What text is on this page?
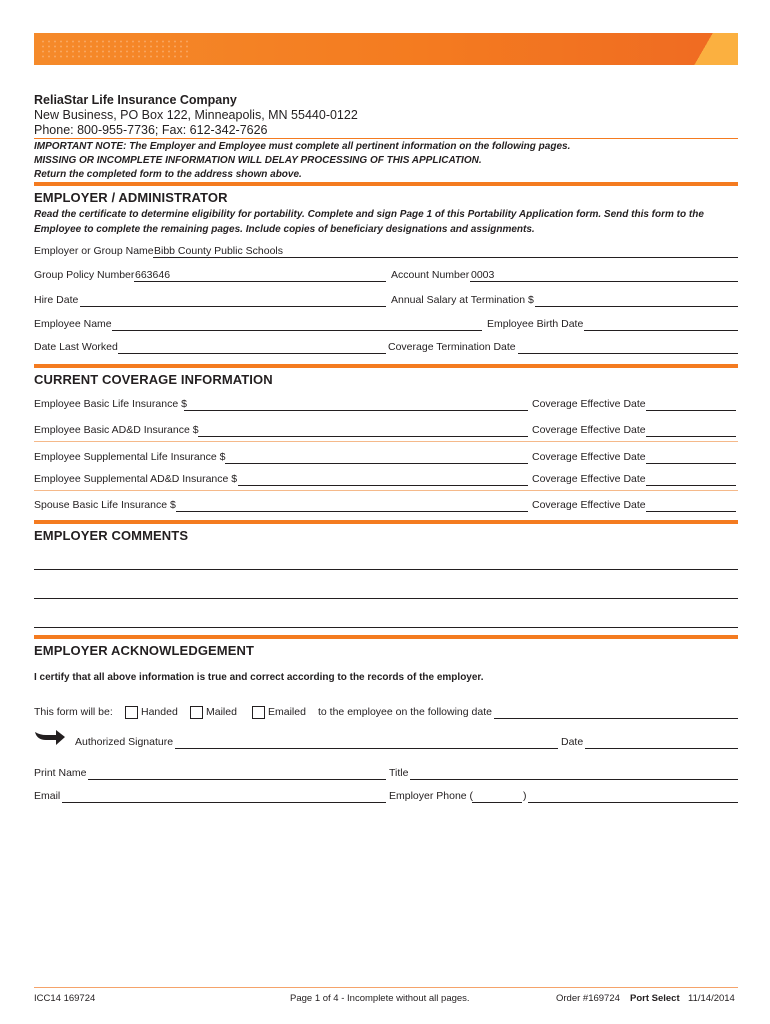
ReliaStar Life Insurance Company
New Business, PO Box 122, Minneapolis, MN 55440-0122
Phone: 800-955-7736; Fax: 612-342-7626
IMPORTANT NOTE: The Employer and Employee must complete all pertinent information on the following pages.
MISSING OR INCOMPLETE INFORMATION WILL DELAY PROCESSING OF THIS APPLICATION.
Return the completed form to the address shown above.
EMPLOYER / ADMINISTRATOR
Read the certificate to determine eligibility for portability. Complete and sign Page 1 of this Portability Application form. Send this form to the Employee to complete the remaining pages. Include copies of beneficiary designations and assignments.
Employer or Group Name Bibb County Public Schools
Group Policy Number 663646	Account Number 0003
Hire Date	Annual Salary at Termination $
Employee Name	Employee Birth Date
Date Last Worked	Coverage Termination Date
CURRENT COVERAGE INFORMATION
Employee Basic Life Insurance $	Coverage Effective Date
Employee Basic AD&D Insurance $	Coverage Effective Date
Employee Supplemental Life Insurance $	Coverage Effective Date
Employee Supplemental AD&D Insurance $	Coverage Effective Date
Spouse Basic Life Insurance $	Coverage Effective Date
EMPLOYER COMMENTS
EMPLOYER ACKNOWLEDGEMENT
I certify that all above information is true and correct according to the records of the employer.
This form will be:	Handed	Mailed	Emailed to the employee on the following date
Authorized Signature	Date
Print Name	Title
Email	Employer Phone (	)
ICC14 169724	Page 1 of 4 - Incomplete without all pages.	Order #169724 Port Select 11/14/2014
